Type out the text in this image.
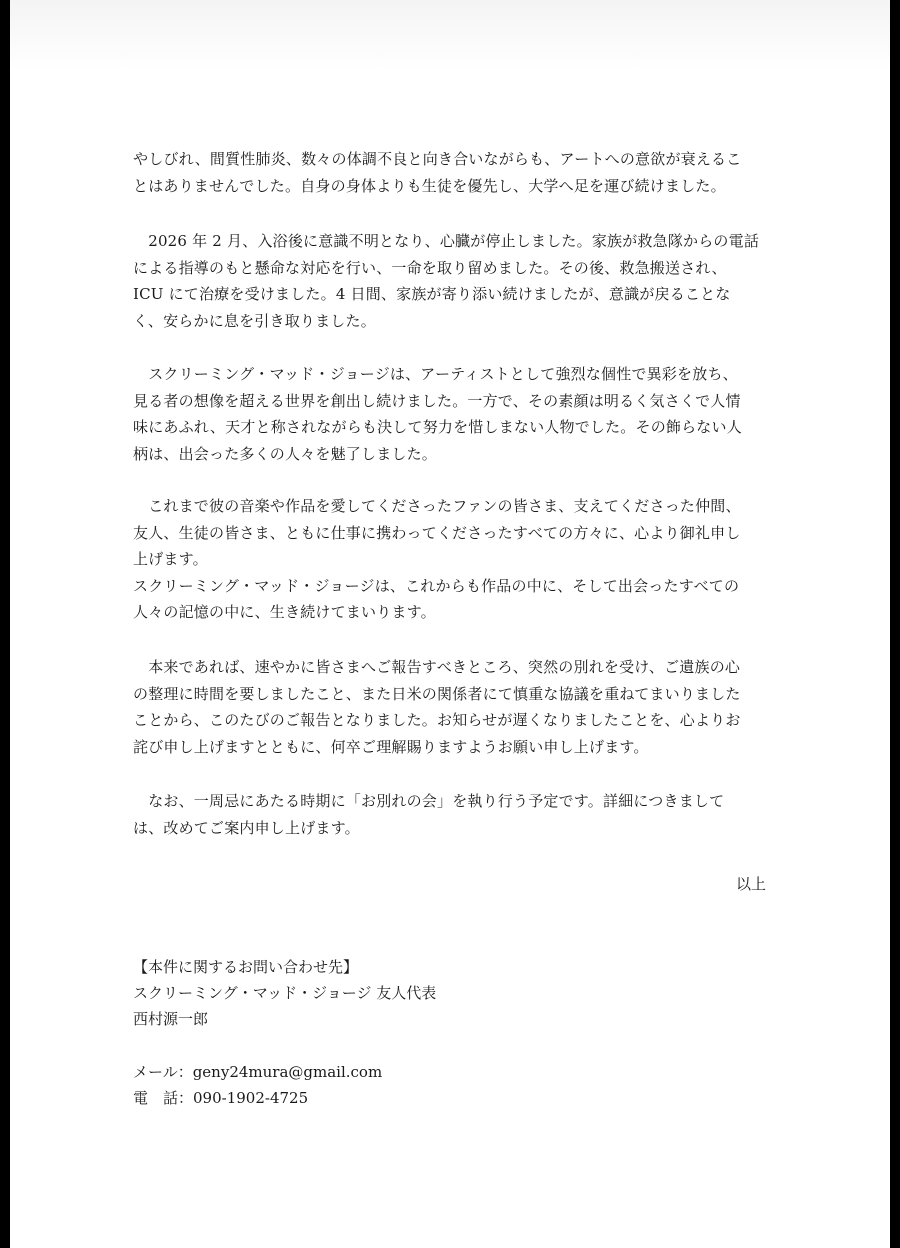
やしびれ、間質性肺炎、数々の体調不良と向き合いながらも、アートへの意欲が衰えるこ
とはありませんでした。自身の身体よりも生徒を優先し、大学へ足を運び続けました。
　2026 年 2 月、入浴後に意識不明となり、心臓が停止しました。家族が救急隊からの電話
による指導のもと懸命な対応を行い、一命を取り留めました。その後、救急搬送され、
ICU にて治療を受けました。4 日間、家族が寄り添い続けましたが、意識が戻ることな
く、安らかに息を引き取りました。
　スクリーミング・マッド・ジョージは、アーティストとして強烈な個性で異彩を放ち、
見る者の想像を超える世界を創出し続けました。一方で、その素顔は明るく気さくで人情
味にあふれ、天才と称されながらも決して努力を惜しまない人物でした。その飾らない人
柄は、出会った多くの人々を魅了しました。
　これまで彼の音楽や作品を愛してくださったファンの皆さま、支えてくださった仲間、
友人、生徒の皆さま、ともに仕事に携わってくださったすべての方々に、心より御礼申し
上げます。
スクリーミング・マッド・ジョージは、これからも作品の中に、そして出会ったすべての
人々の記憶の中に、生き続けてまいります。
　本来であれば、速やかに皆さまへご報告すべきところ、突然の別れを受け、ご遺族の心
の整理に時間を要しましたこと、また日米の関係者にて慎重な協議を重ねてまいりました
ことから、このたびのご報告となりました。お知らせが遅くなりましたことを、心よりお
詫び申し上げますとともに、何卒ご理解賜りますようお願い申し上げます。
　なお、一周忌にあたる時期に「お別れの会」を執り行う予定です。詳細につきまして
は、改めてご案内申し上げます。
以上
【本件に関するお問い合わせ先】
スクリーミング・マッド・ジョージ 友人代表
西村源一郎
メール：geny24mura@gmail.com
電　話：090-1902-4725
